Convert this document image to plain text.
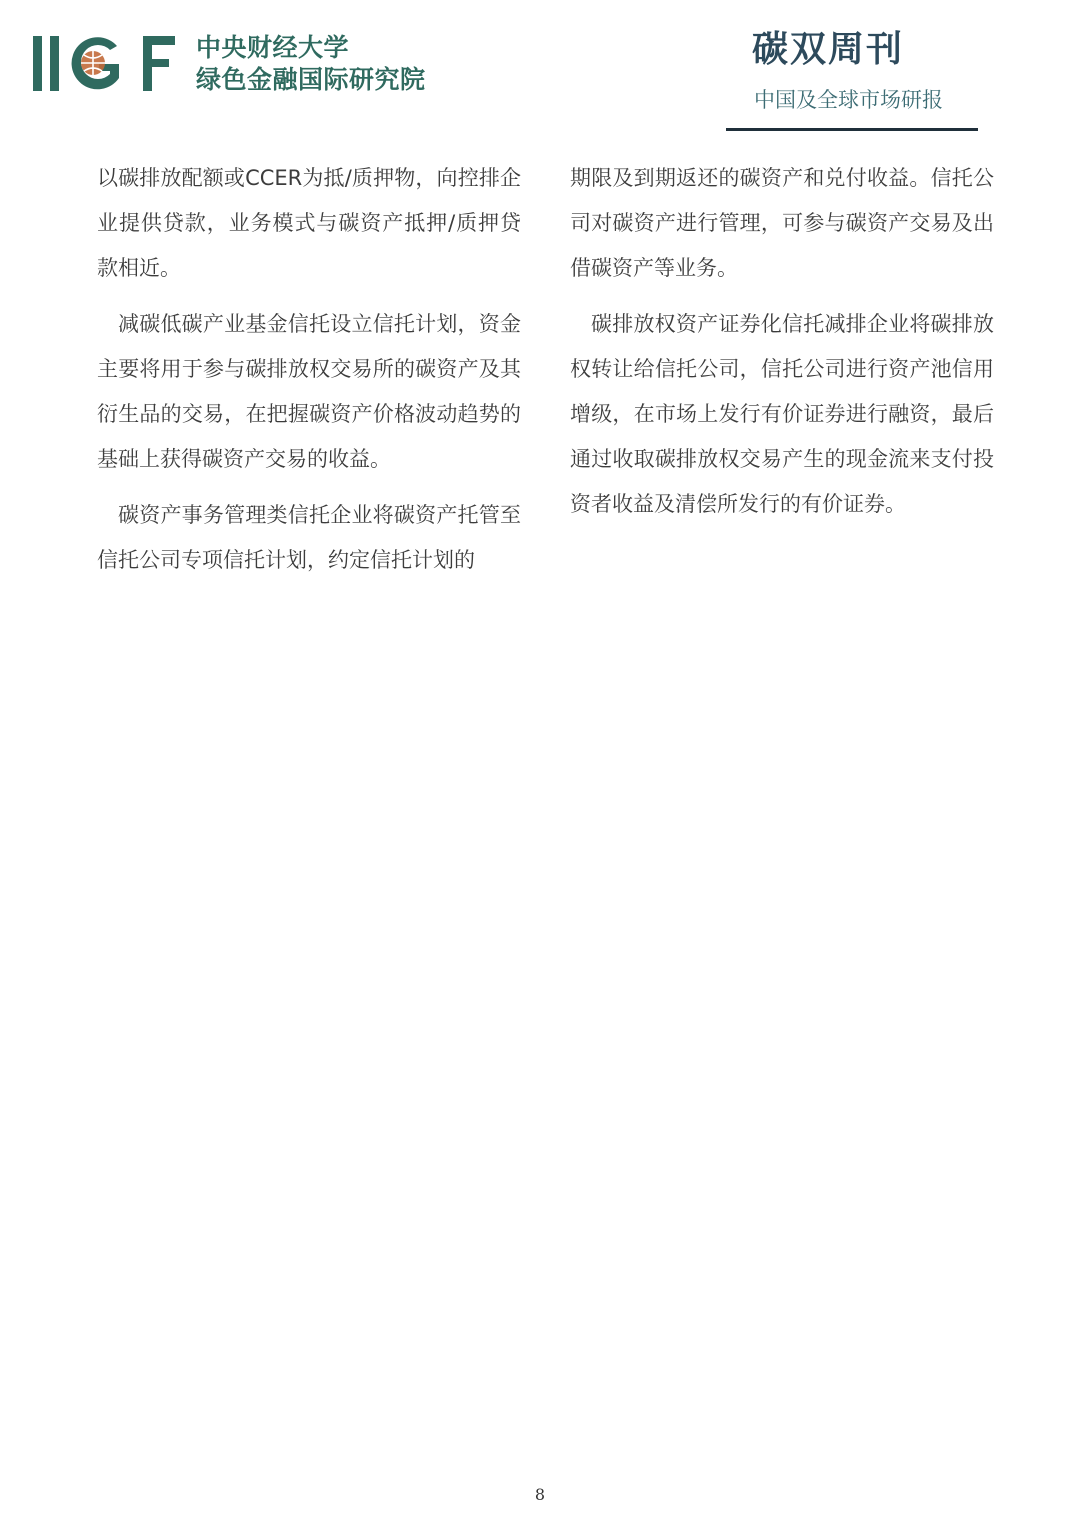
中央财经大学
绿色金融国际研究院
碳双周刊
中国及全球市场研报

以碳排放配额或CCER为抵/质押物，向控排企业提供贷款，业务模式与碳资产抵押/质押贷款相近。

减碳低碳产业基金信托设立信托计划，资金主要将用于参与碳排放权交易所的碳资产及其衍生品的交易，在把握碳资产价格波动趋势的基础上获得碳资产交易的收益。

碳资产事务管理类信托企业将碳资产托管至信托公司专项信托计划，约定信托计划的

期限及到期返还的碳资产和兑付收益。信托公司对碳资产进行管理，可参与碳资产交易及出借碳资产等业务。

碳排放权资产证券化信托减排企业将碳排放权转让给信托公司，信托公司进行资产池信用增级，在市场上发行有价证券进行融资，最后通过收取碳排放权交易产生的现金流来支付投资者收益及清偿所发行的有价证券。

8
